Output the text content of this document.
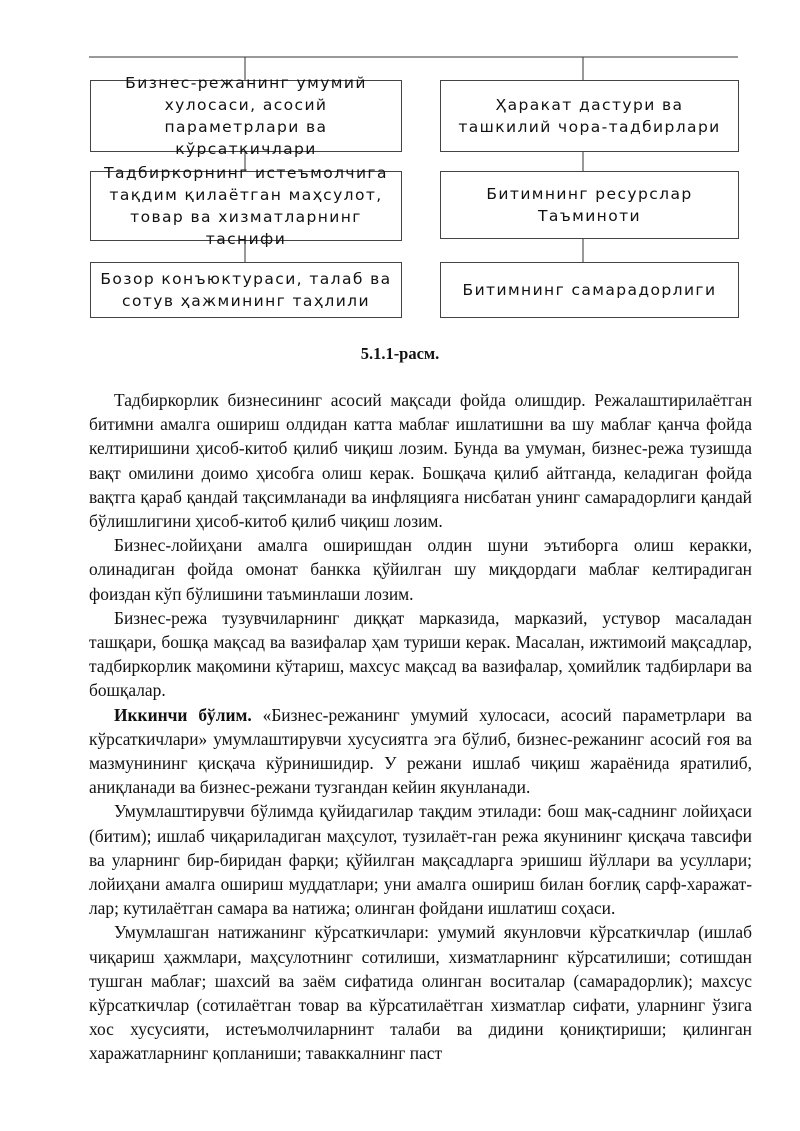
Бизнес-режанинг умумий хулосаси, асосий параметрлари ва кўрсаткичлари
Тадбиркорнинг истеъмолчига тақдим қилаётган маҳсулот, товар ва хизматларнинг таснифи
Бозор конъюктураси, талаб ва сотув ҳажмининг таҳлили
Ҳаракат дастури ва ташкилий чора-тадбирлари
Битимнинг ресурслар Таъминоти
Битимнинг самарадорлиги
5.1.1-расм.

Тадбиркорлик бизнесининг асосий мақсади фойда олишдир. Режалаштирилаётган битимни амалга ошириш олдидан катта маблағ ишлатишни ва шу маблағ қанча фойда келтиришини ҳисоб-китоб қилиб чиқиш лозим. Бунда ва умуман, бизнес-режа тузишда вақт омилини доимо ҳисобга олиш керак. Бошқача қилиб айтганда, келадиган фойда вақтга қараб қандай тақсимланади ва инфляцияга нисбатан унинг самарадорлиги қандай бўлишлигини ҳисоб-китоб қилиб чиқиш лозим.

Бизнес-лойиҳани амалга оширишдан олдин шуни эътиборга олиш керакки, олинадиган фойда омонат банкка қўйилган шу миқдордаги маблағ келтирадиган фоиздан кўп бўлишини таъминлаши лозим.

Бизнес-режа тузувчиларнинг диққат марказида, марказий, устувор масаладан ташқари, бошқа мақсад ва вазифалар ҳам туриши керак. Масалан, ижтимоий мақсадлар, тадбиркорлик мақомини кўтариш, махсус мақсад ва вазифалар, ҳомийлик тадбирлари ва бошқалар.

Иккинчи бўлим. «Бизнес-режанинг умумий хулосаси, асосий параметрлари ва кўрсаткичлари» умумлаштирувчи хусусиятга эга бўлиб, бизнес-режанинг асосий ғоя ва мазмунининг қисқача кўринишидир. У режани ишлаб чиқиш жараёнида яратилиб, аниқланади ва бизнес-режани тузгандан кейин якунланади.

Умумлаштирувчи бўлимда қуйидагилар тақдим этилади: бош мақ-саднинг лойиҳаси (битим); ишлаб чиқариладиган маҳсулот, тузилаёт-ган режа якунининг қисқача тавсифи ва уларнинг бир-биридан фарқи; қўйилган мақсадларга эришиш йўллари ва усуллари; лойиҳани амалга ошириш муддатлари; уни амалга ошириш билан боғлиқ сарф-харажат-лар; кутилаётган самара ва натижа; олинган фойдани ишлатиш соҳаси.

Умумлашган натижанинг кўрсаткичлари: умумий якунловчи кўрсаткичлар (ишлаб чиқариш ҳажмлари, маҳсулотнинг сотилиши, хизматларнинг кўрсатилиши; сотишдан тушган маблағ; шахсий ва заём сифатида олинган воситалар (самарадорлик); махсус кўрсаткичлар (сотилаётган товар ва кўрсатилаётган хизматлар сифати, уларнинг ўзига хос хусусияти, истеъмолчиларнинт талаби ва дидини қониқтириши; қилинган харажатларнинг қопланиши; таваккалнинг паст
